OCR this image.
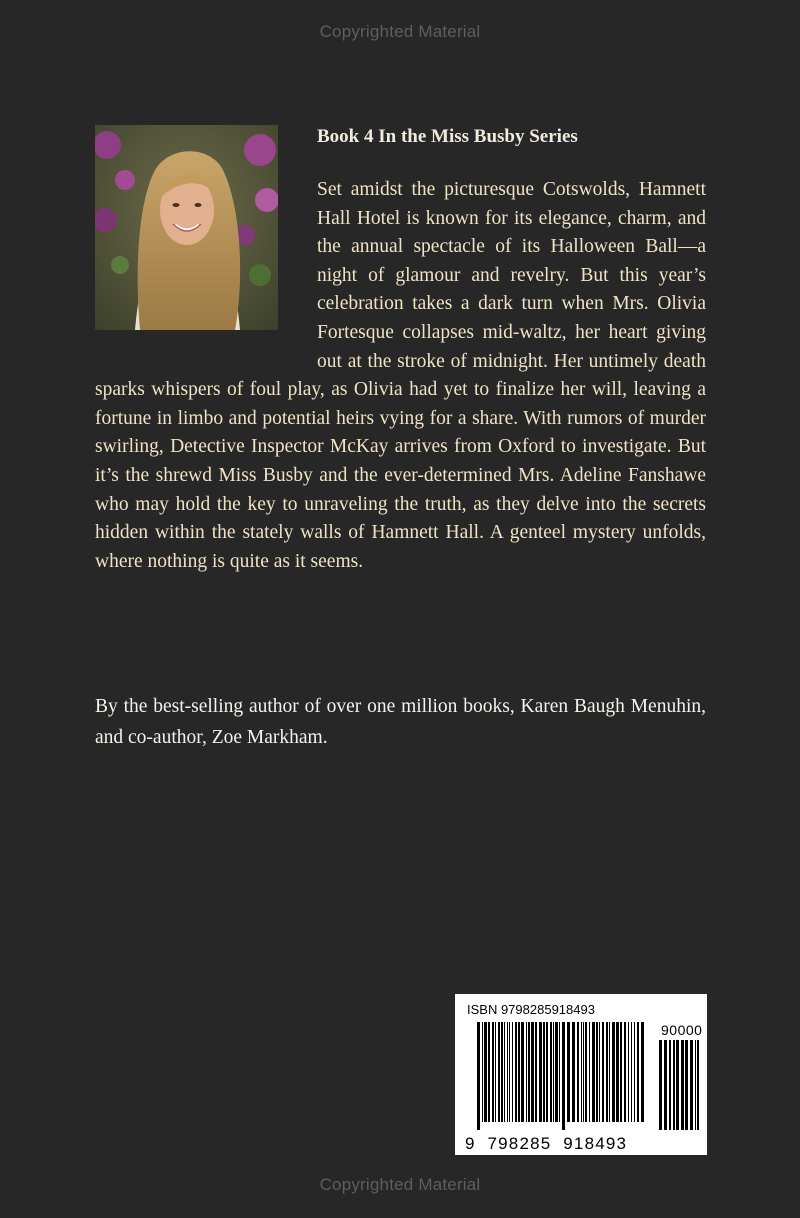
Copyrighted Material
Book 4 In the Miss Busby Series
Set amidst the picturesque Cotswolds, Hamnett Hall Hotel is known for its elegance, charm, and the annual spectacle of its Halloween Ball—a night of glamour and revelry. But this year’s celebration takes a dark turn when Mrs. Olivia Fortesque collapses mid-waltz, her heart giving out at the stroke of midnight. Her untimely death sparks whispers of foul play, as Olivia had yet to finalize her will, leaving a fortune in limbo and potential heirs vying for a share. With rumors of murder swirling, Detective Inspector McKay arrives from Oxford to investigate. But it’s the shrewd Miss Busby and the ever-determined Mrs. Adeline Fanshawe who may hold the key to unraveling the truth, as they delve into the secrets hidden within the stately walls of Hamnett Hall. A genteel mystery unfolds, where nothing is quite as it seems.
By the best-selling author of over one million books, Karen Baugh Menuhin, and co-author, Zoe Markham.
ISBN 9798285918493
90000
9  798285  918493
Copyrighted Material
